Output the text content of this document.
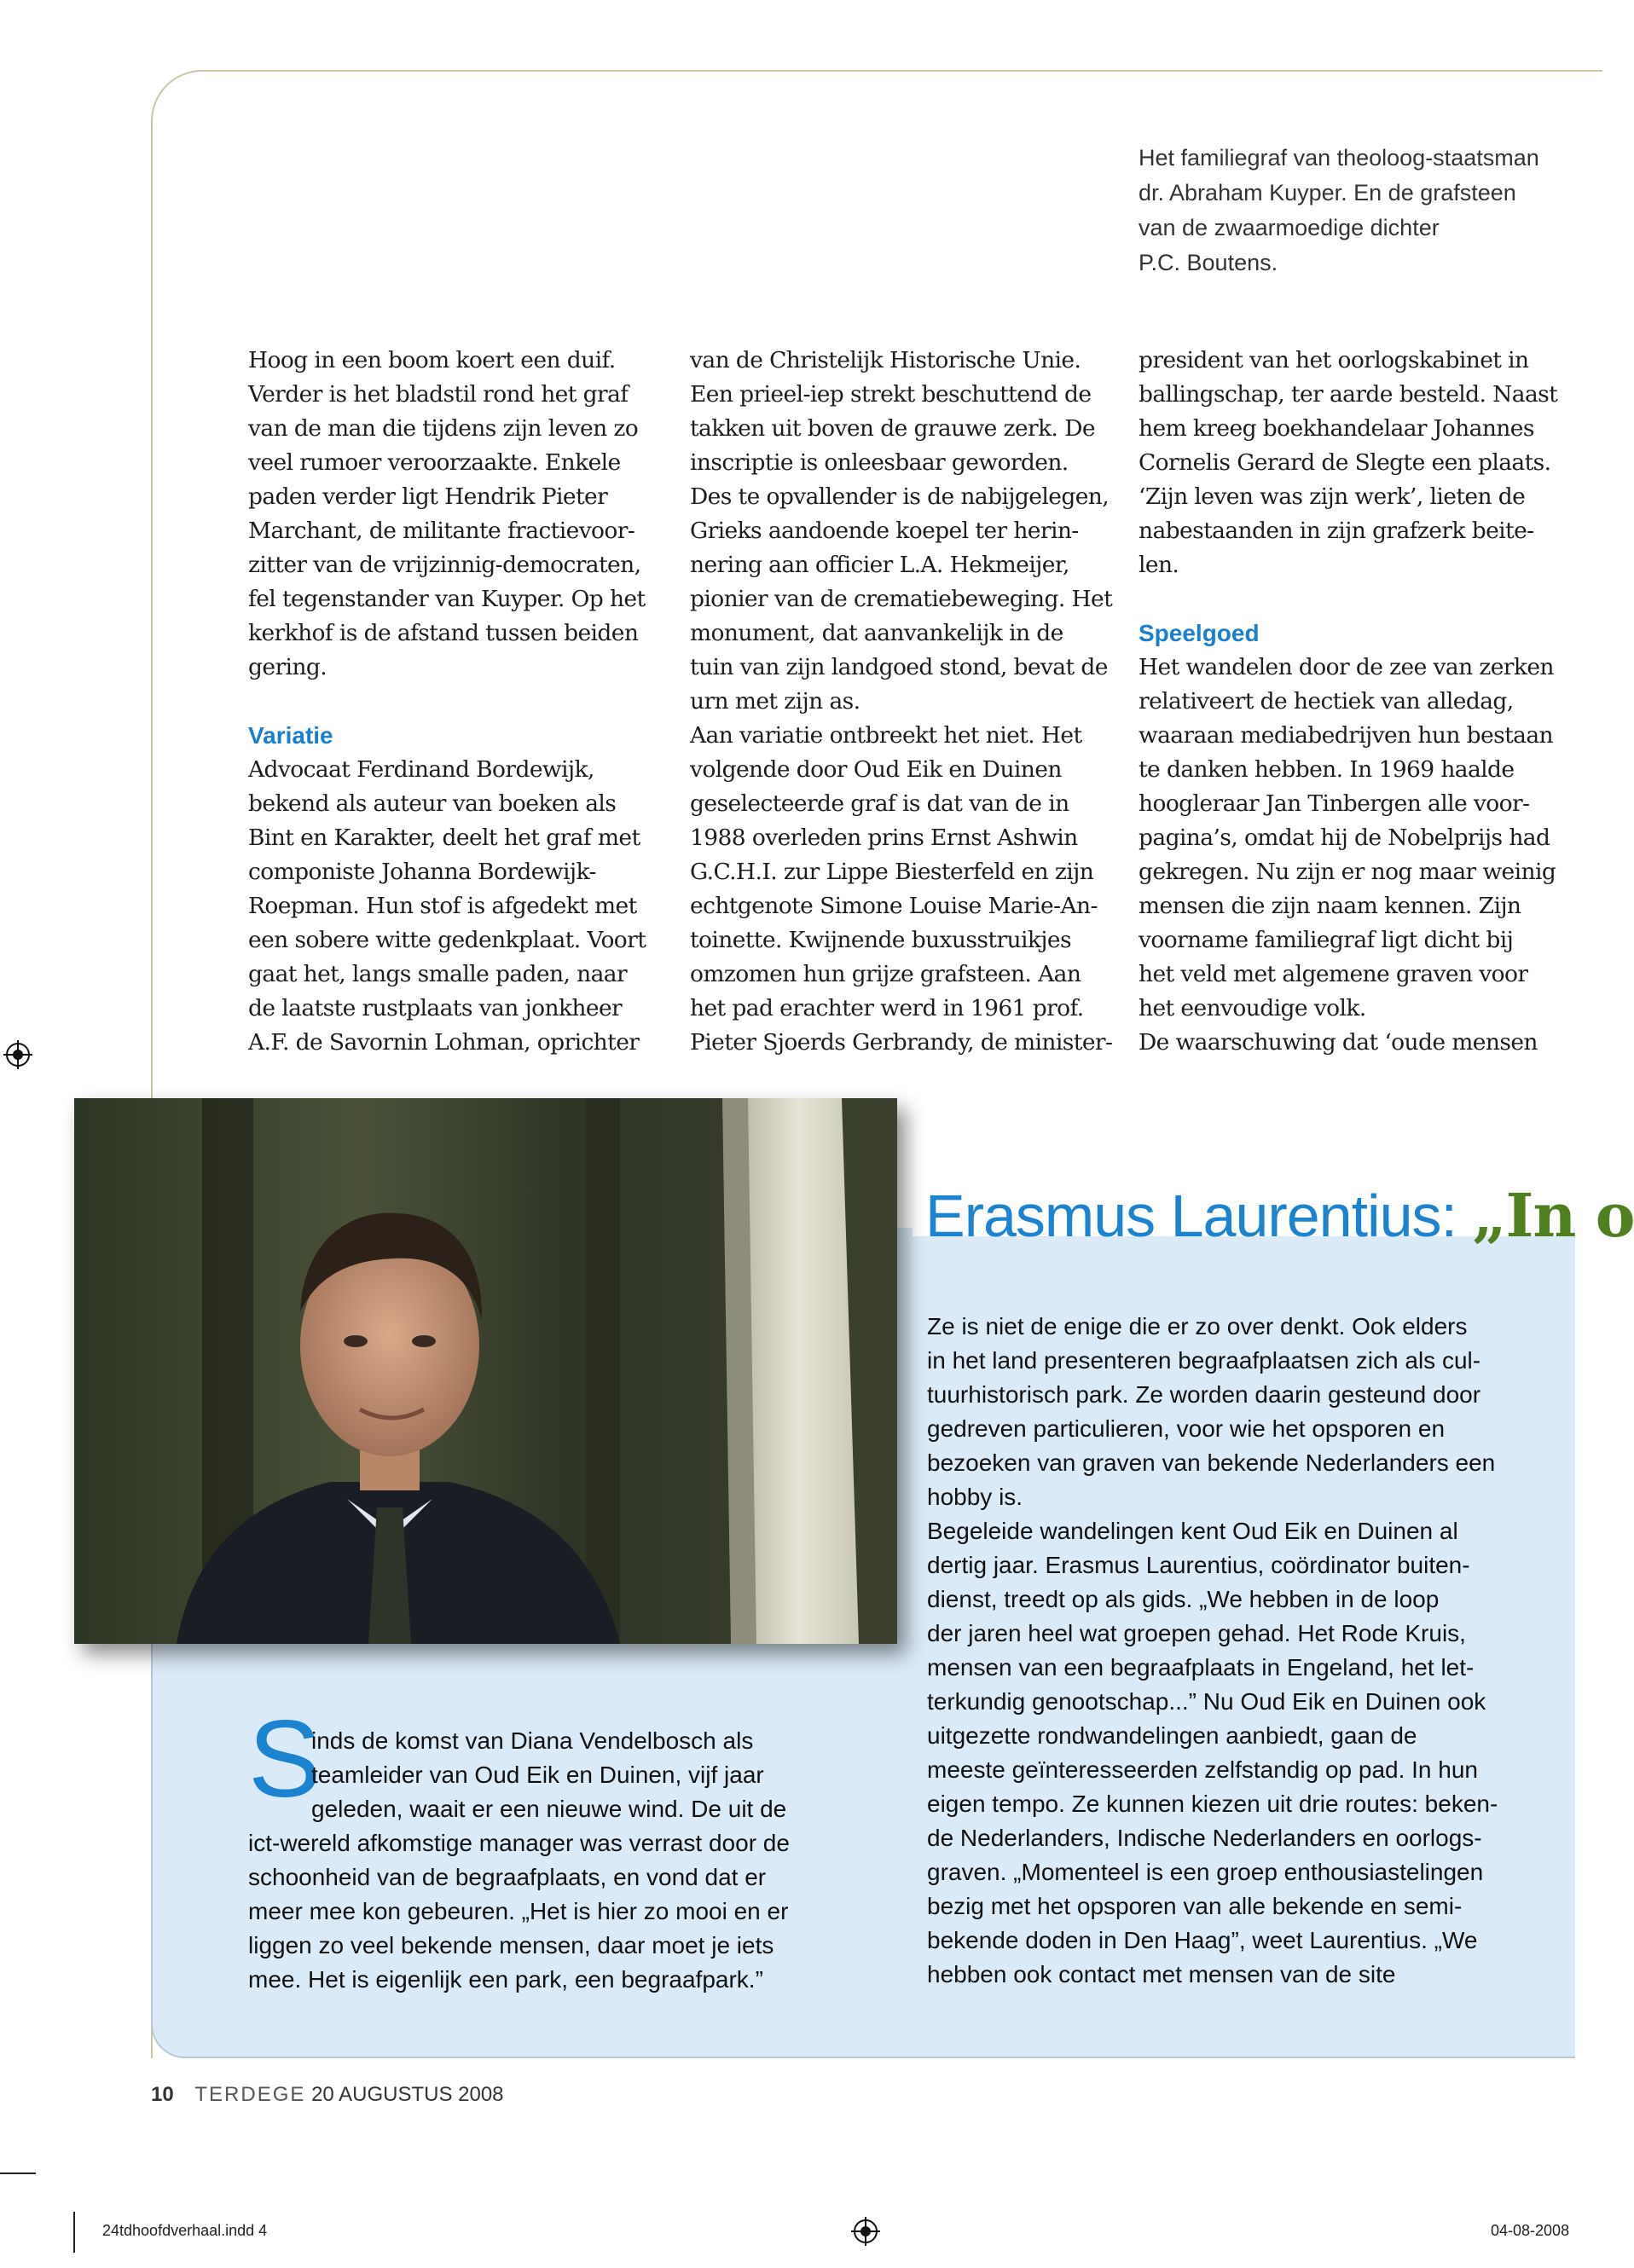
Het familiegraf van theoloog-staatsman
dr. Abraham Kuyper. En de grafsteen
van de zwaarmoedige dichter
P.C. Boutens.
Hoog in een boom koert een duif.
Verder is het bladstil rond het graf
van de man die tijdens zijn leven zo
veel rumoer veroorzaakte. Enkele
paden verder ligt Hendrik Pieter
Marchant, de militante fractievoor-
zitter van de vrijzinnig-democraten,
fel tegenstander van Kuyper. Op het
kerkhof is de afstand tussen beiden
gering.
Variatie
Advocaat Ferdinand Bordewijk,
bekend als auteur van boeken als
Bint en Karakter, deelt het graf met
componiste Johanna Bordewijk-
Roepman. Hun stof is afgedekt met
een sobere witte gedenkplaat. Voort
gaat het, langs smalle paden, naar
de laatste rustplaats van jonkheer
A.F. de Savornin Lohman, oprichter
van de Christelijk Historische Unie.
Een prieel-iep strekt beschuttend de
takken uit boven de grauwe zerk. De
inscriptie is onleesbaar geworden.
Des te opvallender is de nabijgelegen,
Grieks aandoende koepel ter herin-
nering aan officier L.A. Hekmeijer,
pionier van de crematiebeweging. Het
monument, dat aanvankelijk in de
tuin van zijn landgoed stond, bevat de
urn met zijn as.
Aan variatie ontbreekt het niet. Het
volgende door Oud Eik en Duinen
geselecteerde graf is dat van de in
1988 overleden prins Ernst Ashwin
G.C.H.I. zur Lippe Biesterfeld en zijn
echtgenote Simone Louise Marie-An-
toinette. Kwijnende buxusstruikjes
omzomen hun grijze grafsteen. Aan
het pad erachter werd in 1961 prof.
Pieter Sjoerds Gerbrandy, de minister-
president van het oorlogskabinet in
ballingschap, ter aarde besteld. Naast
hem kreeg boekhandelaar Johannes
Cornelis Gerard de Slegte een plaats.
‘Zijn leven was zijn werk’, lieten de
nabestaanden in zijn grafzerk beite-
len.
Speelgoed
Het wandelen door de zee van zerken
relativeert de hectiek van alledag,
waaraan mediabedrijven hun bestaan
te danken hebben. In 1969 haalde
hoogleraar Jan Tinbergen alle voor-
pagina’s, omdat hij de Nobelprijs had
gekregen. Nu zijn er nog maar weinig
mensen die zijn naam kennen. Zijn
voorname familiegraf ligt dicht bij
het veld met algemene graven voor
het eenvoudige volk.
De waarschuwing dat ‘oude mensen
Erasmus Laurentius: „In o
Ze is niet de enige die er zo over denkt. Ook elders
in het land presenteren begraafplaatsen zich als cul-
tuurhistorisch park. Ze worden daarin gesteund door
gedreven particulieren, voor wie het opsporen en
bezoeken van graven van bekende Nederlanders een
hobby is.
Begeleide wandelingen kent Oud Eik en Duinen al
dertig jaar. Erasmus Laurentius, coördinator buiten-
dienst, treedt op als gids. „We hebben in de loop
der jaren heel wat groepen gehad. Het Rode Kruis,
mensen van een begraafplaats in Engeland, het let-
terkundig genootschap...” Nu Oud Eik en Duinen ook
uitgezette rondwandelingen aanbiedt, gaan de
meeste geïnteresseerden zelfstandig op pad. In hun
eigen tempo. Ze kunnen kiezen uit drie routes: beken-
de Nederlanders, Indische Nederlanders en oorlogs-
graven. „Momenteel is een groep enthousiastelingen
bezig met het opsporen van alle bekende en semi-
bekende doden in Den Haag”, weet Laurentius. „We
hebben ook contact met mensen van de site
S
inds de komst van Diana Vendelbosch als
teamleider van Oud Eik en Duinen, vijf jaar
geleden, waait er een nieuwe wind. De uit de
ict-wereld afkomstige manager was verrast door de
schoonheid van de begraafplaats, en vond dat er
meer mee kon gebeuren. „Het is hier zo mooi en er
liggen zo veel bekende mensen, daar moet je iets
mee. Het is eigenlijk een park, een begraafpark.”
10 TERDEGE 20 AUGUSTUS 2008
24tdhoofdverhaal.indd 4	04-08-2008
